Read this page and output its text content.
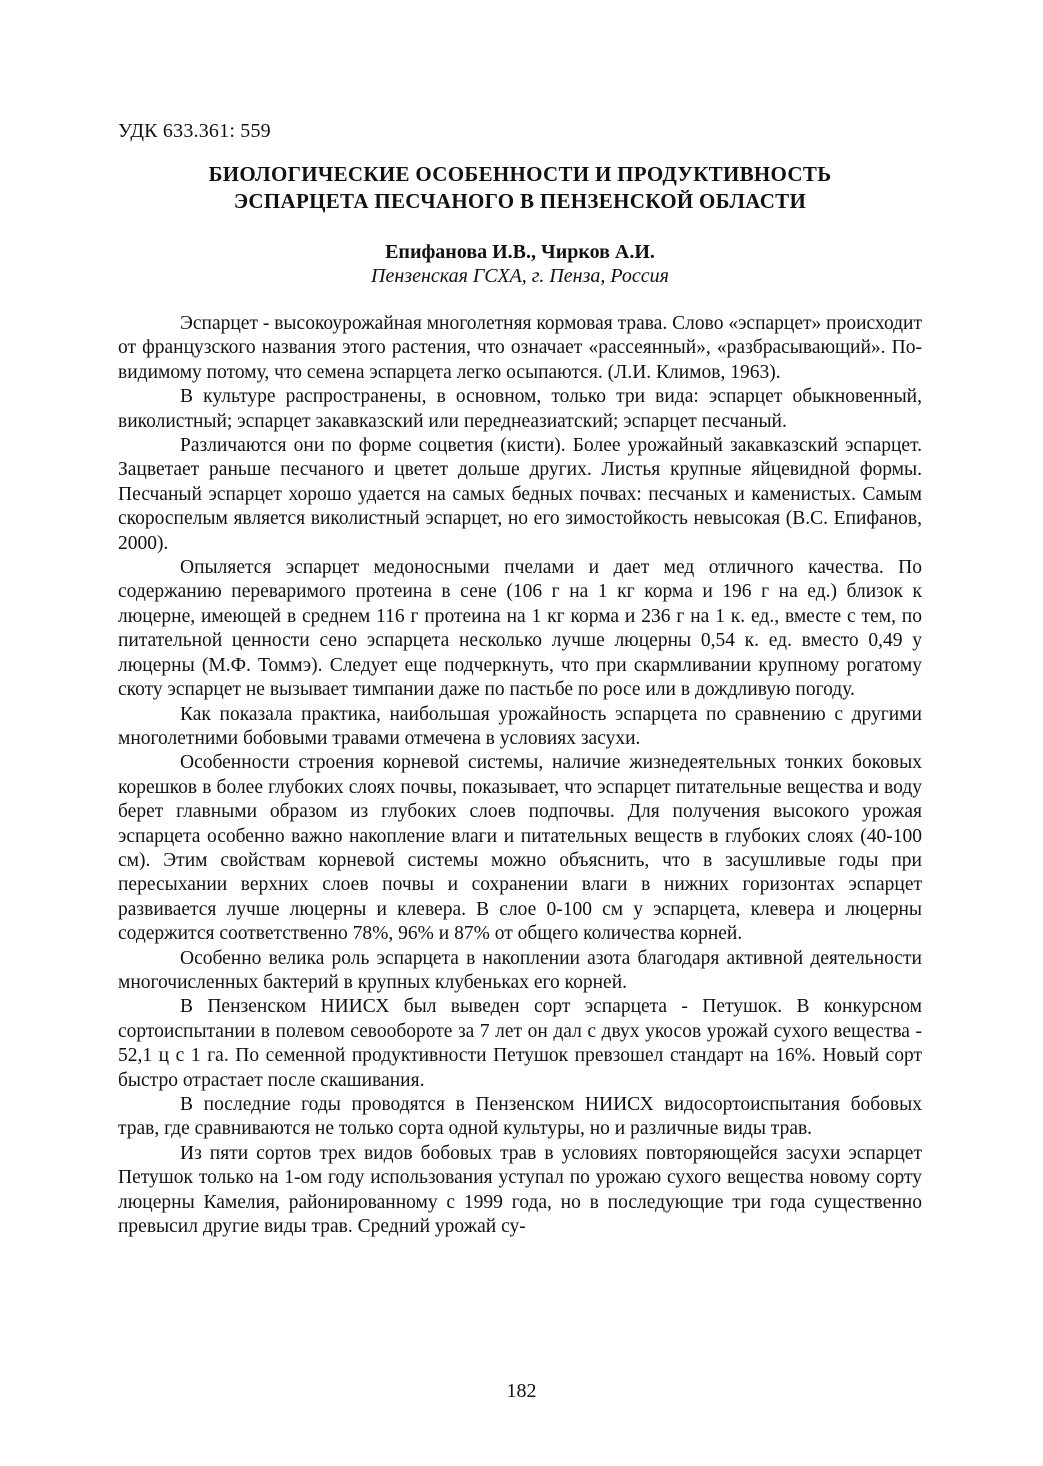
УДК 633.361: 559
БИОЛОГИЧЕСКИЕ ОСОБЕННОСТИ И ПРОДУКТИВНОСТЬ
ЭСПАРЦЕТА ПЕСЧАНОГО В ПЕНЗЕНСКОЙ ОБЛАСТИ
Епифанова И.В., Чирков А.И.
Пензенская ГСХА, г. Пенза, Россия

Эспарцет - высокоурожайная многолетняя кормовая трава. Слово «эспарцет» происходит от французского названия этого растения, что означает «рассеянный», «разбрасывающий». По-видимому потому, что семена эспарцета легко осыпаются. (Л.И. Климов, 1963).

В культуре распространены, в основном, только три вида: эспарцет обыкновенный, виколистный; эспарцет закавказский или переднеазиатский; эспарцет песчаный.

Различаются они по форме соцветия (кисти). Более урожайный закавказский эспарцет. Зацветает раньше песчаного и цветет дольше других. Листья крупные яйцевидной формы. Песчаный эспарцет хорошо удается на самых бедных почвах: песчаных и каменистых. Самым скороспелым является виколистный эспарцет, но его зимостойкость невысокая (В.С. Епифанов, 2000).

Опыляется эспарцет медоносными пчелами и дает мед отличного качества. По содержанию переваримого протеина в сене (106 г на 1 кг корма и 196 г на ед.) близок к люцерне, имеющей в среднем 116 г протеина на 1 кг корма и 236 г на 1 к. ед., вместе с тем, по питательной ценности сено эспарцета несколько лучше люцерны 0,54 к. ед. вместо 0,49 у люцерны (М.Ф. Томмэ). Следует еще подчеркнуть, что при скармливании крупному рогатому скоту эспарцет не вызывает тимпании даже по пастьбе по росе или в дождливую погоду.

Как показала практика, наибольшая урожайность эспарцета по сравнению с другими многолетними бобовыми травами отмечена в условиях засухи.

Особенности строения корневой системы, наличие жизнедеятельных тонких боковых корешков в более глубоких слоях почвы, показывает, что эспарцет питательные вещества и воду берет главными образом из глубоких слоев подпочвы. Для получения высокого урожая эспарцета особенно важно накопление влаги и питательных веществ в глубоких слоях (40-100 см). Этим свойствам корневой системы можно объяснить, что в засушливые годы при пересыхании верхних слоев почвы и сохранении влаги в нижних горизонтах эспарцет развивается лучше люцерны и клевера. В слое 0-100 см у эспарцета, клевера и люцерны содержится соответственно 78%, 96% и 87% от общего количества корней.

Особенно велика роль эспарцета в накоплении азота благодаря активной деятельности многочисленных бактерий в крупных клубеньках его корней.

В Пензенском НИИСХ был выведен сорт эспарцета - Петушок. В конкурсном сортоиспытании в полевом севообороте за 7 лет он дал с двух укосов урожай сухого вещества - 52,1 ц с 1 га. По семенной продуктивности Петушок превзошел стандарт на 16%. Новый сорт быстро отрастает после скашивания.

В последние годы проводятся в Пензенском НИИСХ видосортоиспытания бобовых трав, где сравниваются не только сорта одной культуры, но и различные виды трав.

Из пяти сортов трех видов бобовых трав в условиях повторяющейся засухи эспарцет Петушок только на 1-ом году использования уступал по урожаю сухого вещества новому сорту люцерны Камелия, районированному с 1999 года, но в последующие три года существенно превысил другие виды трав. Средний урожай су-

182
